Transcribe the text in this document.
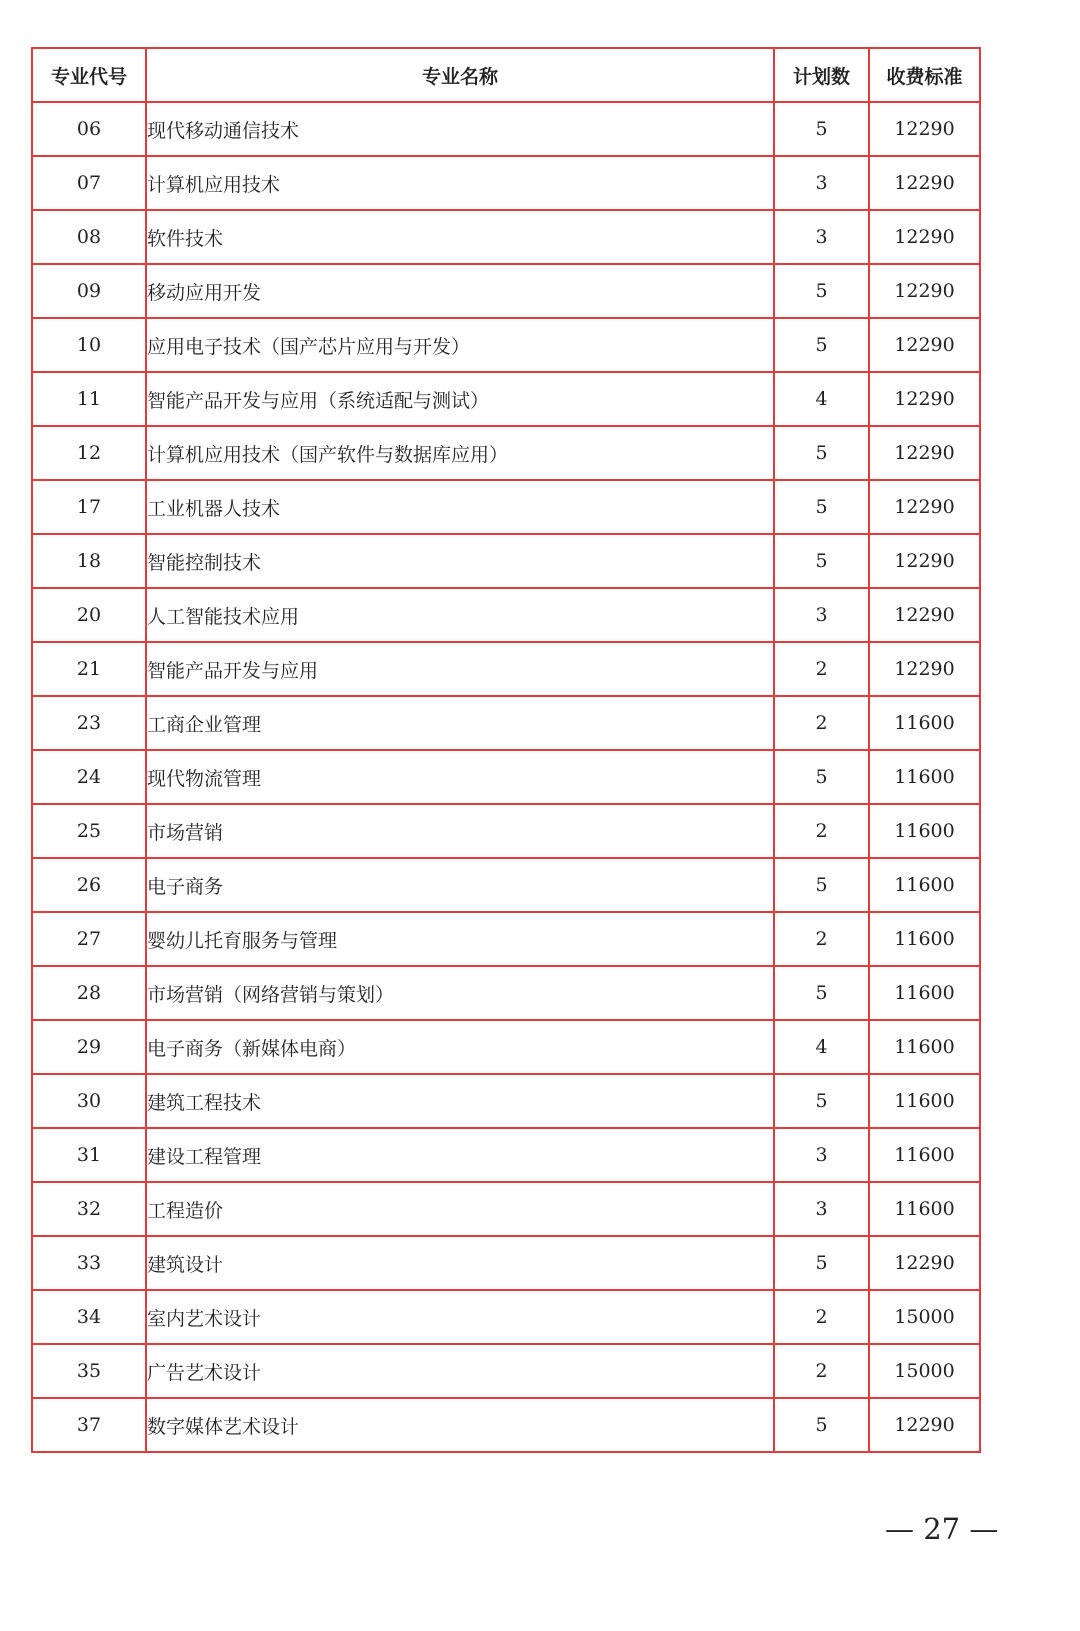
专业代号	专业名称	计划数	收费标准
06	现代移动通信技术	5	12290
07	计算机应用技术	3	12290
08	软件技术	3	12290
09	移动应用开发	5	12290
10	应用电子技术（国产芯片应用与开发）	5	12290
11	智能产品开发与应用（系统适配与测试）	4	12290
12	计算机应用技术（国产软件与数据库应用）	5	12290
17	工业机器人技术	5	12290
18	智能控制技术	5	12290
20	人工智能技术应用	3	12290
21	智能产品开发与应用	2	12290
23	工商企业管理	2	11600
24	现代物流管理	5	11600
25	市场营销	2	11600
26	电子商务	5	11600
27	婴幼儿托育服务与管理	2	11600
28	市场营销（网络营销与策划）	5	11600
29	电子商务（新媒体电商）	4	11600
30	建筑工程技术	5	11600
31	建设工程管理	3	11600
32	工程造价	3	11600
33	建筑设计	5	12290
34	室内艺术设计	2	15000
35	广告艺术设计	2	15000
37	数字媒体艺术设计	5	12290
— 27 —
